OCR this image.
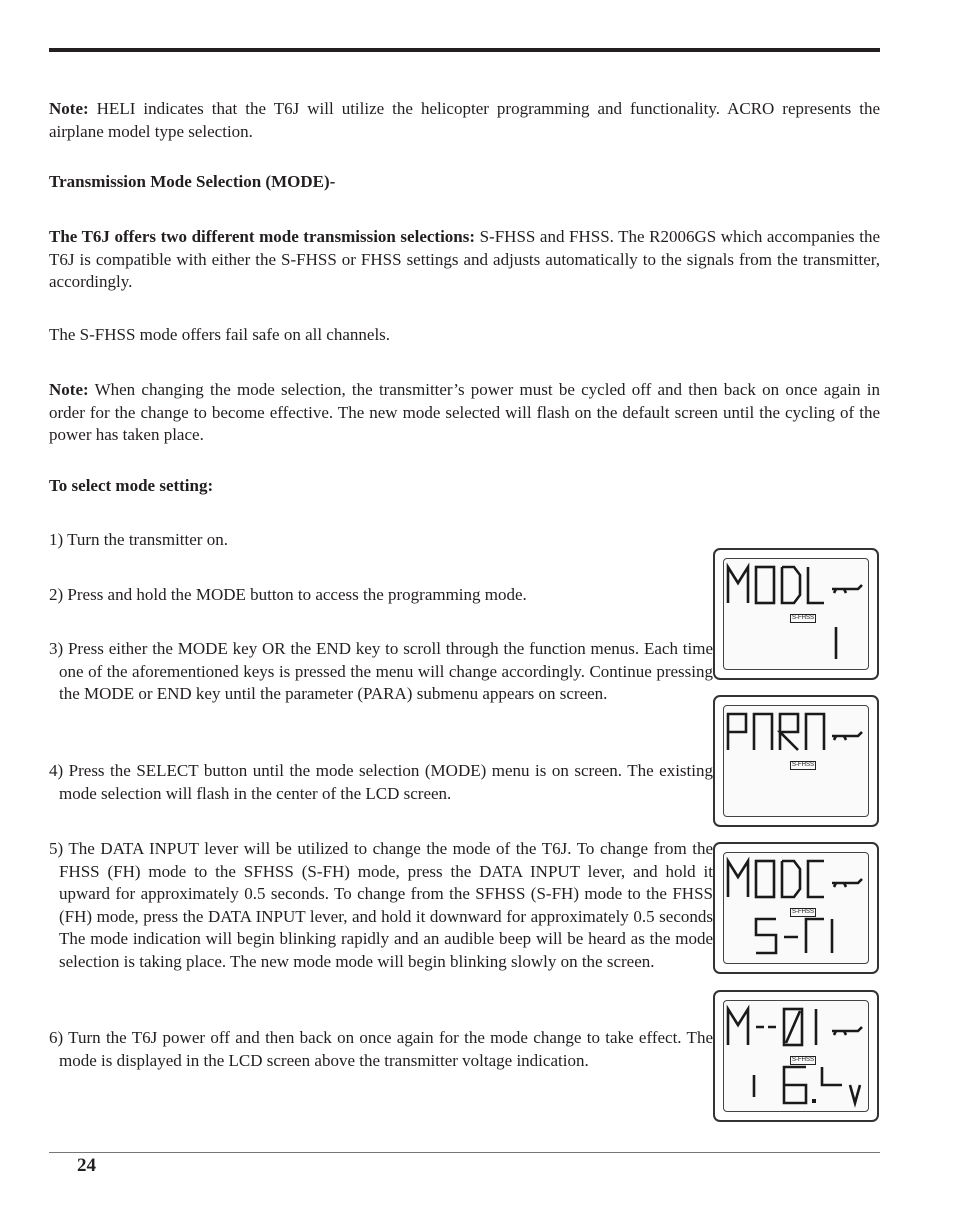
Note: HELI indicates that the T6J will utilize the helicopter programming and functionality. ACRO represents the airplane model type selection.

Transmission Mode Selection (MODE)-

The T6J offers two different mode transmission selections: S-FHSS and FHSS. The R2006GS which accompanies the T6J is compatible with either the S-FHSS or FHSS settings and adjusts automatically to the signals from the transmitter, accordingly.

The S-FHSS mode offers fail safe on all channels.

Note: When changing the mode selection, the transmitter’s power must be cycled off and then back on once again in order for the change to become effective. The new mode selected will flash on the default screen until the cycling of the power has taken place.

To select mode setting:

1) Turn the transmitter on.

2) Press and hold the MODE button to access the programming mode.

3) Press either the MODE key OR the END key to scroll through the function menus. Each time one of the aforementioned keys is pressed the menu will change accordingly. Continue pressing the MODE or END key until the parameter (PARA) submenu appears on screen.

4) Press the SELECT button until the mode selection (MODE) menu is on screen. The existing mode selection will flash in the center of the LCD screen.

5) The DATA INPUT lever will be utilized to change the mode of the T6J. To change from the FHSS (FH) mode to the SFHSS (S-FH) mode, press the DATA INPUT lever, and hold it upward for approximately 0.5 seconds. To change from the SFHSS (S-FH) mode to the FHSS (FH) mode, press the DATA INPUT lever, and hold it downward for approximately 0.5 seconds The mode indication will begin blinking rapidly and an audible beep will be heard as the mode selection is taking place. The new mode mode will begin blinking slowly on the screen.

6) Turn the T6J power off and then back on once again for the mode change to take effect. The mode is displayed in the LCD screen above the transmitter voltage indication.

S-FHSS
S-FHSS
S-FHSS
S-FHSS
24
